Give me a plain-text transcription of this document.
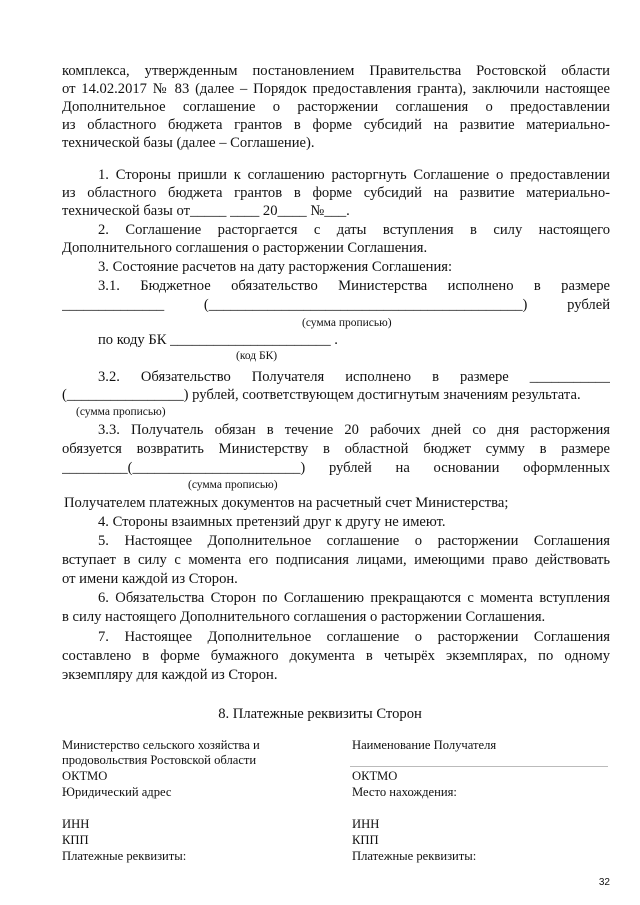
комплекса, утвержденным постановлением Правительства Ростовской области
от 14.02.2017 № 83 (далее – Порядок предоставления гранта), заключили настоящее
Дополнительное соглашение о расторжении соглашения о предоставлении
из областного бюджета грантов в форме субсидий на развитие материально-
технической базы (далее – Соглашение).
1. Стороны пришли к соглашению расторгнуть Соглашение о предоставлении
из областного бюджета грантов в форме субсидий на развитие материально-
технической базы от_____ ____ 20____ №___.
2. Соглашение расторгается с даты вступления в силу настоящего
Дополнительного соглашения о расторжении Соглашения.
3. Состояние расчетов на дату расторжения Соглашения:
3.1. Бюджетное обязательство Министерства исполнено в размере
______________ (___________________________________________) рублей
(сумма прописью)
по коду БК ______________________ .
(код БК)
3.2. Обязательство Получателя исполнено в размере ___________
(________________) рублей, соответствующем достигнутым значениям результата.
(сумма прописью)
3.3. Получатель обязан в течение 20 рабочих дней со дня расторжения
обязуется возвратить Министерству в областной бюджет сумму в размере
_________(_______________________) рублей на основании оформленных
(сумма прописью)
Получателем платежных документов на расчетный счет Министерства;
4. Стороны взаимных претензий друг к другу не имеют.
5. Настоящее Дополнительное соглашение о расторжении Соглашения
вступает в силу с момента его подписания лицами, имеющими право действовать
от имени каждой из Сторон.
6. Обязательства Сторон по Соглашению прекращаются с момента вступления
в силу настоящего Дополнительного соглашения о расторжении Соглашения.
7. Настоящее Дополнительное соглашение о расторжении Соглашения
составлено в форме бумажного документа в четырёх экземплярах, по одному
экземпляру для каждой из Сторон.
8. Платежные реквизиты Сторон
Министерство сельского хозяйства и
продовольствия Ростовской области
ОКТМО
Юридический адрес
ИНН
КПП
Платежные реквизиты:
Наименование Получателя
ОКТМО
Место нахождения:
ИНН
КПП
Платежные реквизиты:
32
